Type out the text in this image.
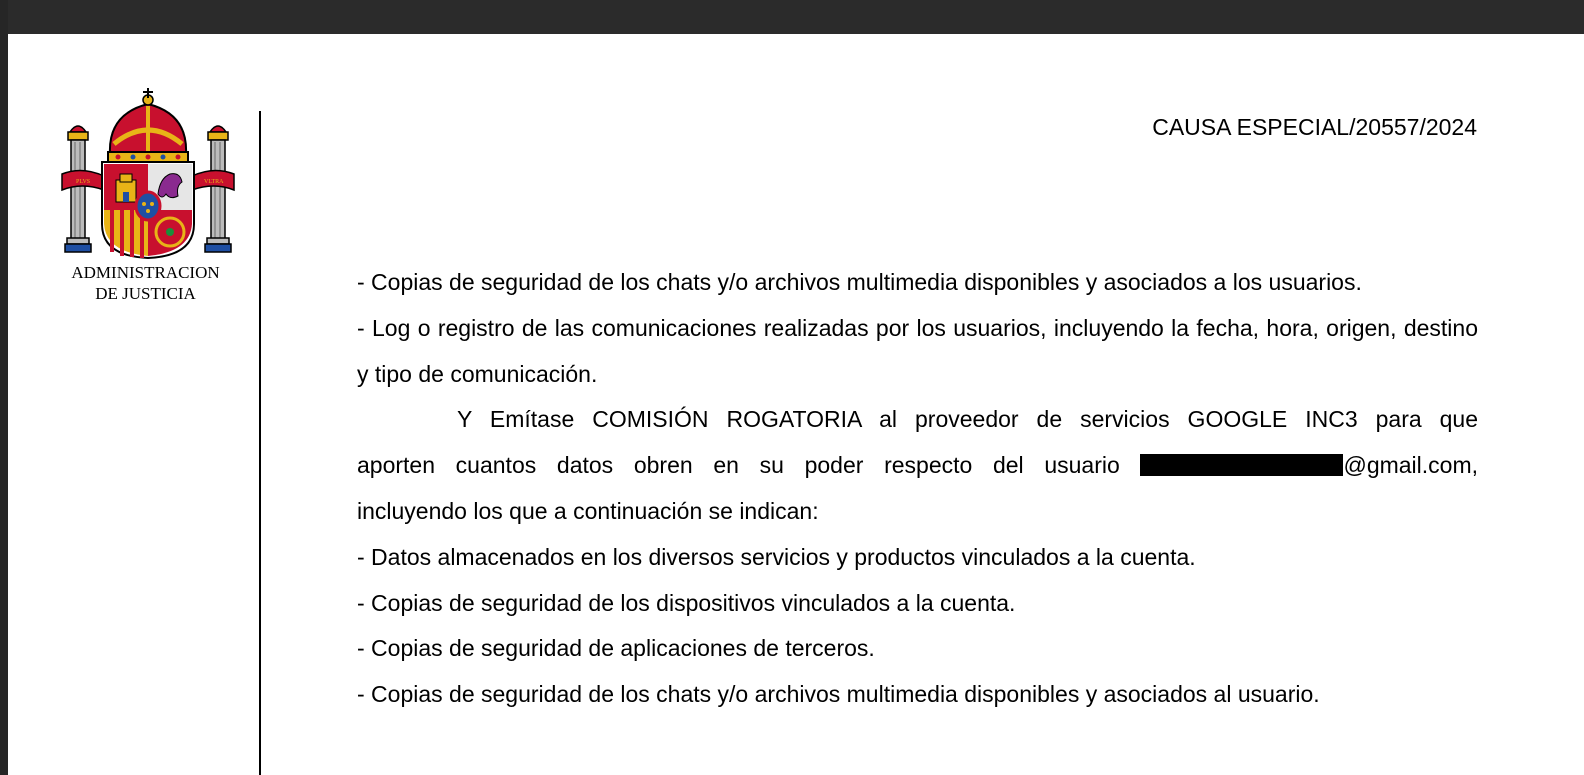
PLVS	VLTRA
ADMINISTRACION
DE JUSTICIA
CAUSA ESPECIAL/20557/2024

- Copias de seguridad de los chats y/o archivos multimedia disponibles y asociados a los usuarios.

- Log o registro de las comunicaciones realizadas por los usuarios, incluyendo la fecha, hora, origen, destino y tipo de comunicación.

Y Emítase COMISIÓN ROGATORIA al proveedor de servicios GOOGLE INC3 para que

aporten cuantos datos obren en su poder respecto del usuario	@gmail.com,

incluyendo los que a continuación se indican:

- Datos almacenados en los diversos servicios y productos vinculados a la cuenta.

- Copias de seguridad de los dispositivos vinculados a la cuenta.

- Copias de seguridad de aplicaciones de terceros.

- Copias de seguridad de los chats y/o archivos multimedia disponibles y asociados al usuario.
